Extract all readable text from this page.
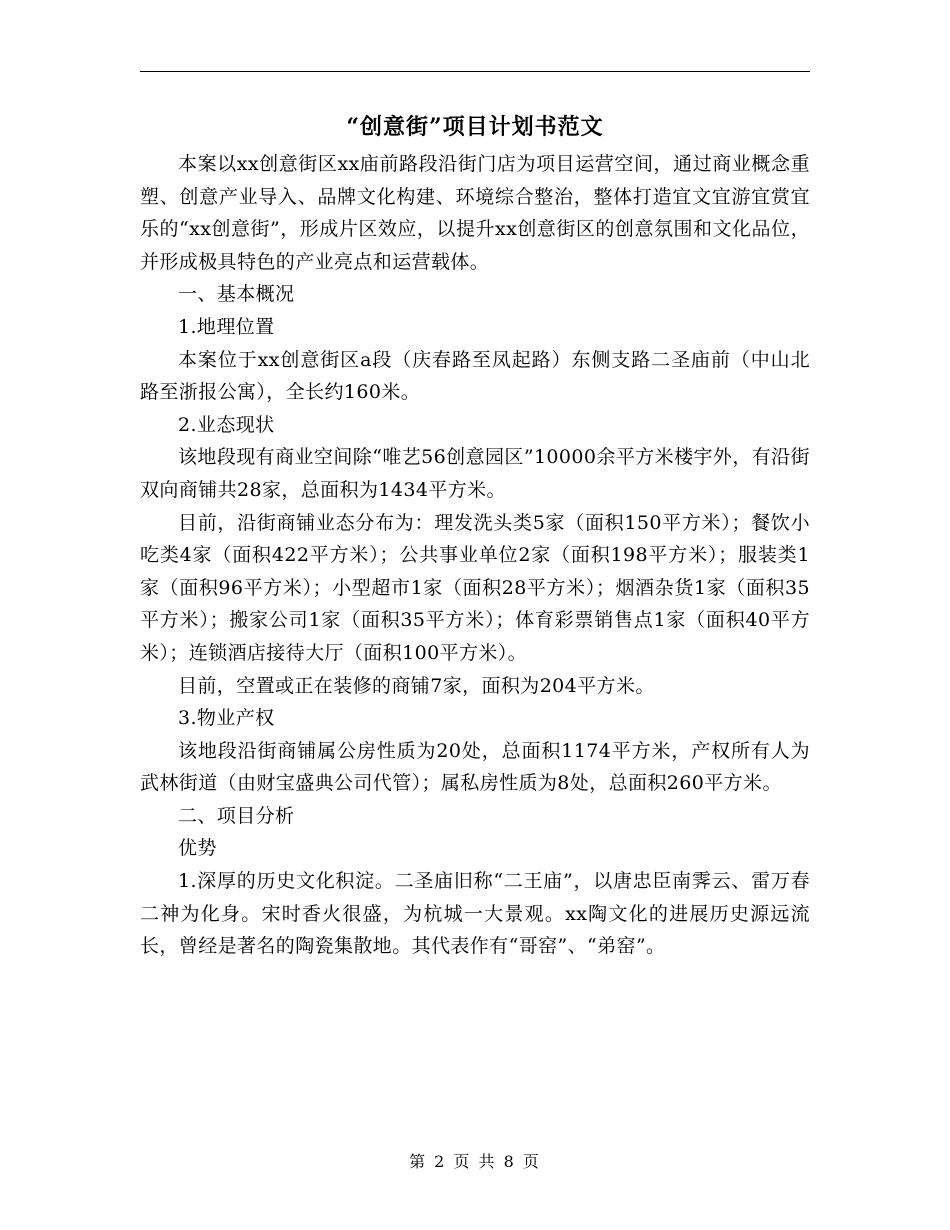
“创意街”项目计划书范文

本案以xx创意街区xx庙前路段沿街门店为项目运营空间，通过商业概念重塑、创意产业导入、品牌文化构建、环境综合整治，整体打造宜文宜游宜赏宜乐的“xx创意街”，形成片区效应，以提升xx创意街区的创意氛围和文化品位，并形成极具特色的产业亮点和运营载体。

一、基本概况

1.地理位置

本案位于xx创意街区a段（庆春路至凤起路）东侧支路二圣庙前（中山北路至浙报公寓），全长约160米。

2.业态现状

该地段现有商业空间除“唯艺56创意园区”10000余平方米楼宇外，有沿街双向商铺共28家，总面积为1434平方米。

目前，沿街商铺业态分布为：理发洗头类5家（面积150平方米）；餐饮小吃类4家（面积422平方米）；公共事业单位2家（面积198平方米）；服装类1家（面积96平方米）；小型超市1家（面积28平方米）；烟酒杂货1家（面积35平方米）；搬家公司1家（面积35平方米）；体育彩票销售点1家（面积40平方米）；连锁酒店接待大厅（面积100平方米）。

目前，空置或正在装修的商铺7家，面积为204平方米。

3.物业产权

该地段沿街商铺属公房性质为20处，总面积1174平方米，产权所有人为武林街道（由财宝盛典公司代管）；属私房性质为8处，总面积260平方米。

二、项目分析

优势

1.深厚的历史文化积淀。二圣庙旧称“二王庙”，以唐忠臣南霁云、雷万春二神为化身。宋时香火很盛，为杭城一大景观。xx陶文化的进展历史源远流长，曾经是著名的陶瓷集散地。其代表作有“哥窑”、“弟窑”。

第 2 页 共 8 页
